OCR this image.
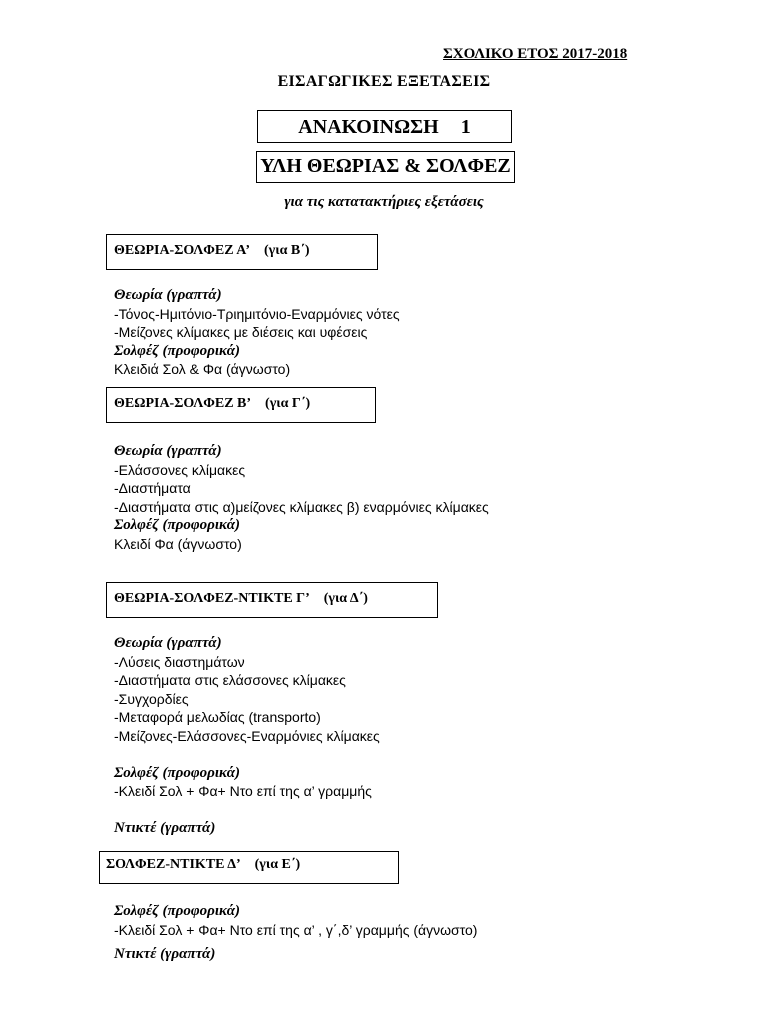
ΣΧΟΛΙΚΟ ΕΤΟΣ 2017-2018
ΕΙΣΑΓΩΓΙΚΕΣ ΕΞΕΤΑΣΕΙΣ
ΑΝΑΚΟΙΝΩΣΗ 1
ΥΛΗ ΘΕΩΡΙΑΣ & ΣΟΛΦΕΖ
για τις κατατακτήριες εξετάσεις
ΘΕΩΡΙΑ-ΣΟΛΦΕΖ Α’ (για Β΄)
Θεωρία (γραπτά)
-Τόνος-Ημιτόνιο-Τριημιτόνιο-Εναρμόνιες νότες
-Μείζονες κλίμακες με διέσεις και υφέσεις
Σολφέζ (προφορικά)
Κλειδιά Σολ & Φα (άγνωστο)
ΘΕΩΡΙΑ-ΣΟΛΦΕΖ Β’ (για Γ΄)
Θεωρία (γραπτά)
-Ελάσσονες κλίμακες
-Διαστήματα
-Διαστήματα στις α)μείζονες κλίμακες β) εναρμόνιες κλίμακες
Σολφέζ (προφορικά)
Κλειδί Φα (άγνωστο)
ΘΕΩΡΙΑ-ΣΟΛΦΕΖ-ΝΤΙΚΤΕ Γ’ (για Δ΄)
Θεωρία (γραπτά)
-Λύσεις διαστημάτων
-Διαστήματα στις ελάσσονες κλίμακες
-Συγχορδίες
-Μεταφορά μελωδίας (transporto)
-Μείζονες-Ελάσσονες-Εναρμόνιες κλίμακες
Σολφέζ (προφορικά)
-Κλειδί Σολ + Φα+ Ντο επί της α’ γραμμής
Ντικτέ (γραπτά)
ΣΟΛΦΕΖ-ΝΤΙΚΤΕ Δ’ (για Ε΄)
Σολφέζ (προφορικά)
-Κλειδί Σολ + Φα+ Ντο επί της α’ , γ΄,δ’ γραμμής (άγνωστο)
Ντικτέ (γραπτά)
